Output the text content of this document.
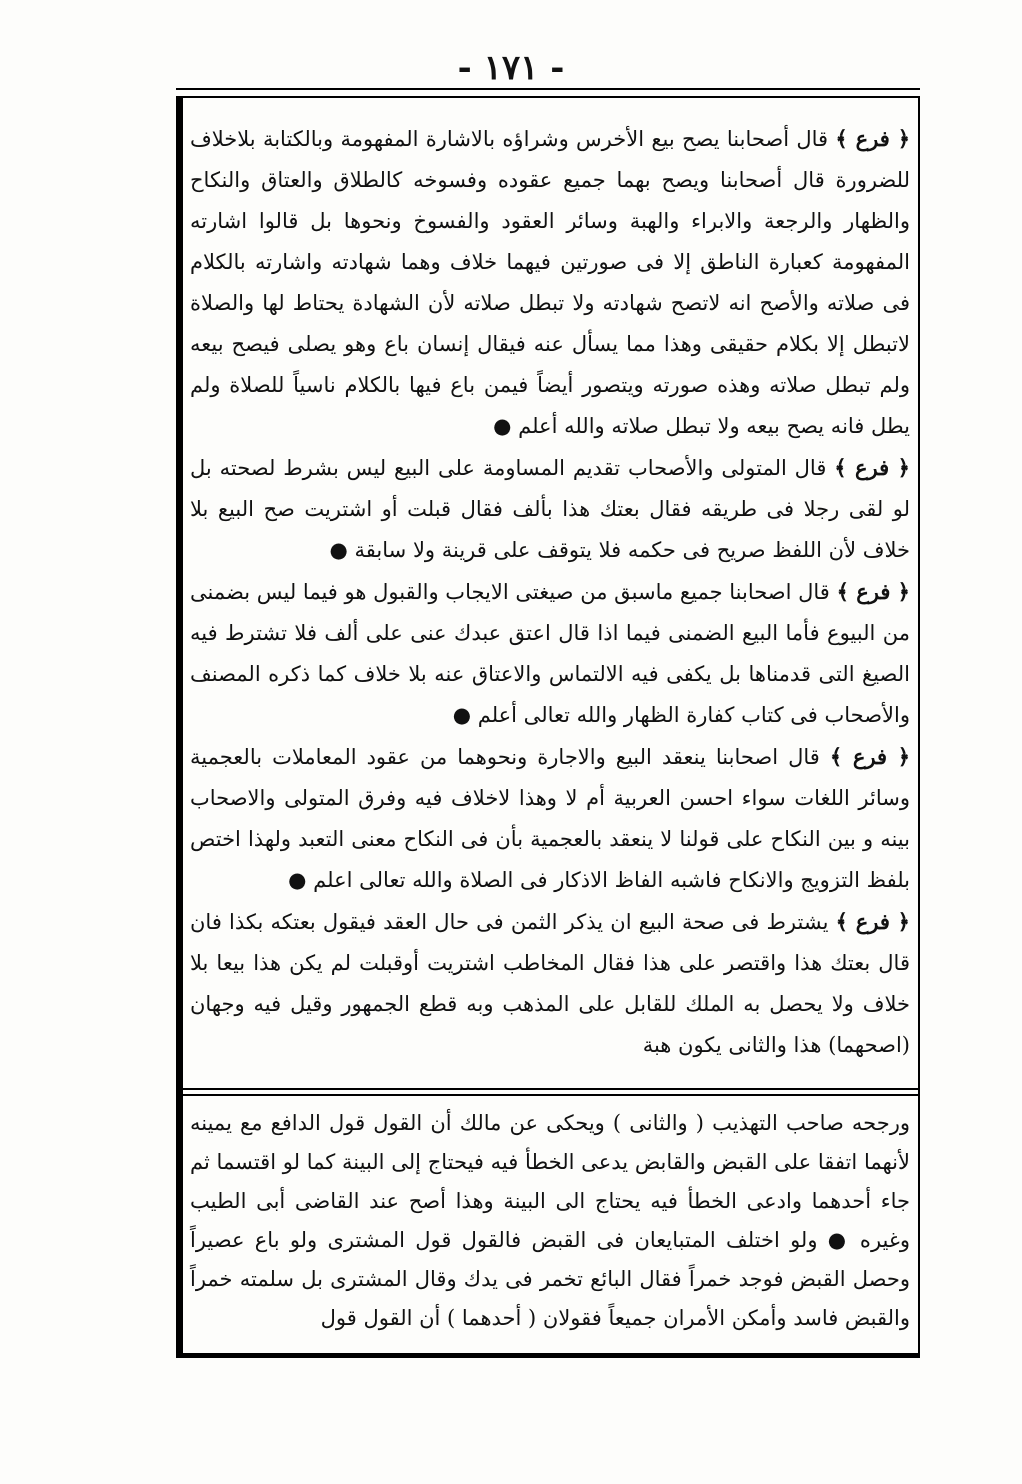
- ١٧١ -

﴿ فرع ﴾ قال أصحابنا يصح بيع الأخرس وشراؤه بالاشارة المفهومة وبالكتابة بلاخلاف للضرورة قال أصحابنا ويصح بهما جميع عقوده وفسوخه كالطلاق والعتاق والنكاح والظهار والرجعة والابراء والهبة وسائر العقود والفسوخ ونحوها بل قالوا اشارته المفهومة كعبارة الناطق إلا فى صورتين فيهما خلاف وهما شهادته واشارته بالكلام فى صلاته والأصح انه لاتصح شهادته ولا تبطل صلاته لأن الشهادة يحتاط لها والصلاة لاتبطل إلا بكلام حقيقى وهذا مما يسأل عنه فيقال إنسان باع وهو يصلى فيصح بيعه ولم تبطل صلاته وهذه صورته ويتصور أيضاً فيمن باع فيها بالكلام ناسياً للصلاة ولم يطل فانه يصح بيعه ولا تبطل صلاته والله أعلم ●

﴿ فرع ﴾ قال المتولى والأصحاب تقديم المساومة على البيع ليس بشرط لصحته بل لو لقى رجلا فى طريقه فقال بعتك هذا بألف فقال قبلت أو اشتريت صح البيع بلا خلاف لأن اللفظ صريح فى حكمه فلا يتوقف على قرينة ولا سابقة ●

﴿ فرع ﴾ قال اصحابنا جميع ماسبق من صيغتى الايجاب والقبول هو فيما ليس بضمنى من البيوع فأما البيع الضمنى فيما اذا قال اعتق عبدك عنى على ألف فلا تشترط فيه الصيغ التى قدمناها بل يكفى فيه الالتماس والاعتاق عنه بلا خلاف كما ذكره المصنف والأصحاب فى كتاب كفارة الظهار والله تعالى أعلم ●

﴿ فرع ﴾ قال اصحابنا ينعقد البيع والاجارة ونحوهما من عقود المعاملات بالعجمية وسائر اللغات سواء احسن العربية أم لا وهذا لاخلاف فيه وفرق المتولى والاصحاب بينه و بين النكاح على قولنا لا ينعقد بالعجمية بأن فى النكاح معنى التعبد ولهذا اختص بلفظ التزويج والانكاح فاشبه الفاظ الاذكار فى الصلاة والله تعالى اعلم ●

﴿ فرع ﴾ يشترط فى صحة البيع ان يذكر الثمن فى حال العقد فيقول بعتكه بكذا فان قال بعتك هذا واقتصر على هذا فقال المخاطب اشتريت أوقبلت لم يكن هذا بيعا بلا خلاف ولا يحصل به الملك للقابل على المذهب وبه قطع الجمهور وقيل فيه وجهان (اصحهما) هذا والثانى يكون هبة

ورجحه صاحب التهذيب ( والثانى ) ويحكى عن مالك أن القول قول الدافع مع يمينه لأنهما اتفقا على القبض والقابض يدعى الخطأ فيه فيحتاج إلى البينة كما لو اقتسما ثم جاء أحدهما وادعى الخطأ فيه يحتاج الى البينة وهذا أصح عند القاضى أبى الطيب وغيره ● ولو اختلف المتبايعان فى القبض فالقول قول المشترى ولو باع عصيراً وحصل القبض فوجد خمراً فقال البائع تخمر فى يدك وقال المشترى بل سلمته خمراً والقبض فاسد وأمكن الأمران جميعاً فقولان ( أحدهما ) أن القول قول
